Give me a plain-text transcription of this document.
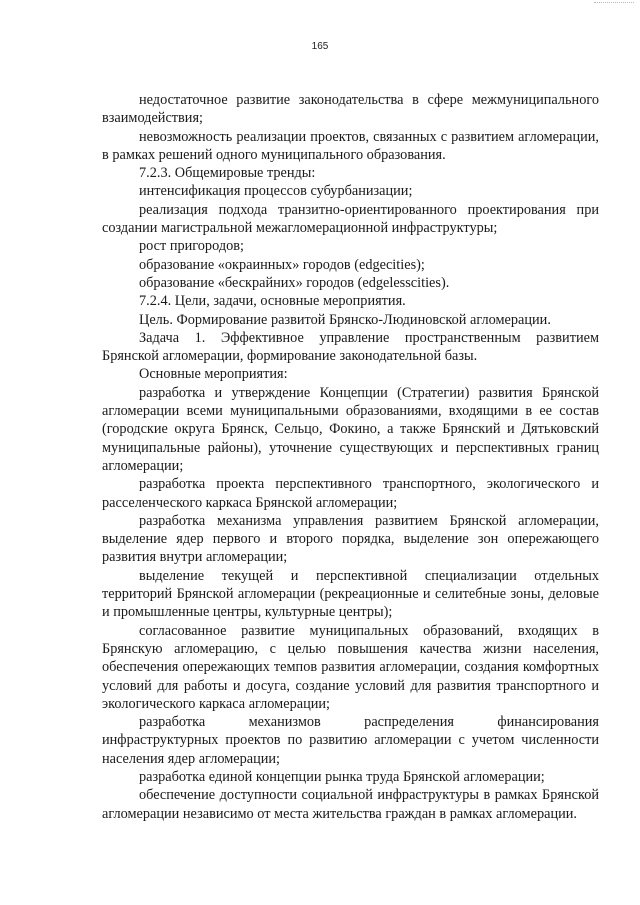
165

недостаточное развитие законодательства в сфере межмуниципального взаимодействия;

невозможность реализации проектов, связанных с развитием агломерации, в рамках решений одного муниципального образования.

7.2.3. Общемировые тренды:

интенсификация процессов субурбанизации;

реализация подхода транзитно-ориентированного проектирования при создании магистральной межагломерационной инфраструктуры;

рост пригородов;

образование «окраинных» городов (edgecities);

образование «бескрайних» городов (edgelesscities).

7.2.4. Цели, задачи, основные мероприятия.

Цель. Формирование развитой Брянско-Людиновской агломерации.

Задача 1. Эффективное управление пространственным развитием Брянской агломерации, формирование законодательной базы.

Основные мероприятия:

разработка и утверждение Концепции (Стратегии) развития Брянской агломерации всеми муниципальными образованиями, входящими в ее состав (городские округа Брянск, Сельцо, Фокино, а также Брянский и Дятьковский муниципальные районы), уточнение существующих и перспективных границ агломерации;

разработка проекта перспективного транспортного, экологического и расселенческого каркаса Брянской агломерации;

разработка механизма управления развитием Брянской агломерации, выделение ядер первого и второго порядка, выделение зон опережающего развития внутри агломерации;

выделение текущей и перспективной специализации отдельных территорий Брянской агломерации (рекреационные и селитебные зоны, деловые и промышленные центры, культурные центры);

согласованное развитие муниципальных образований, входящих в Брянскую агломерацию, с целью повышения качества жизни населения, обеспечения опережающих темпов развития агломерации, создания комфортных условий для работы и досуга, создание условий для развития транспортного и экологического каркаса агломерации;

разработка механизмов распределения финансирования инфраструктурных проектов по развитию агломерации с учетом численности населения ядер агломерации;

разработка единой концепции рынка труда Брянской агломерации;

обеспечение доступности социальной инфраструктуры в рамках Брянской агломерации независимо от места жительства граждан в рамках агломерации.
